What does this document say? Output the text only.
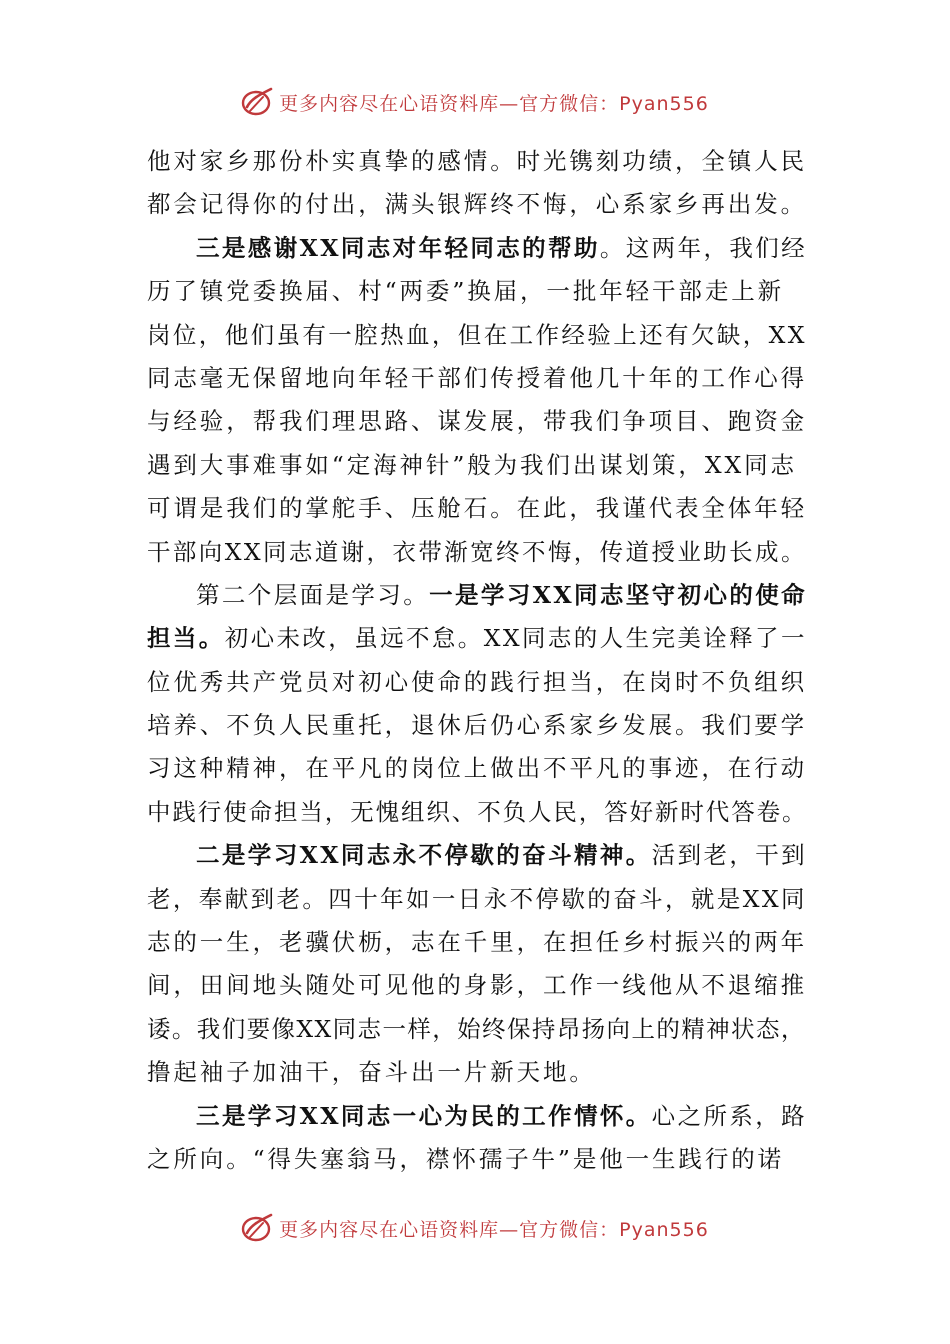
更多内容尽在心语资料库—官方微信：Pyan556
他对家乡那份朴实真挚的感情。时光镌刻功绩，全镇人民
都会记得你的付出，满头银辉终不悔，心系家乡再出发。
三是感谢XX同志对年轻同志的帮助。这两年，我们经
历了镇党委换届、村“两委”换届，一批年轻干部走上新
岗位，他们虽有一腔热血，但在工作经验上还有欠缺，XX
同志毫无保留地向年轻干部们传授着他几十年的工作心得
与经验，帮我们理思路、谋发展，带我们争项目、跑资金
遇到大事难事如“定海神针”般为我们出谋划策，XX同志
可谓是我们的掌舵手、压舱石。在此，我谨代表全体年轻
干部向XX同志道谢，衣带渐宽终不悔，传道授业助长成。
第二个层面是学习。一是学习XX同志坚守初心的使命
担当。初心未改，虽远不怠。XX同志的人生完美诠释了一
位优秀共产党员对初心使命的践行担当，在岗时不负组织
培养、不负人民重托，退休后仍心系家乡发展。我们要学
习这种精神，在平凡的岗位上做出不平凡的事迹，在行动
中践行使命担当，无愧组织、不负人民，答好新时代答卷。
二是学习XX同志永不停歇的奋斗精神。活到老，干到
老，奉献到老。四十年如一日永不停歇的奋斗，就是XX同
志的一生，老骥伏枥，志在千里，在担任乡村振兴的两年
间，田间地头随处可见他的身影，工作一线他从不退缩推
诿。我们要像XX同志一样，始终保持昂扬向上的精神状态，
撸起袖子加油干，奋斗出一片新天地。
三是学习XX同志一心为民的工作情怀。心之所系，路
之所向。“得失塞翁马，襟怀孺子牛”是他一生践行的诺
更多内容尽在心语资料库—官方微信：Pyan556
